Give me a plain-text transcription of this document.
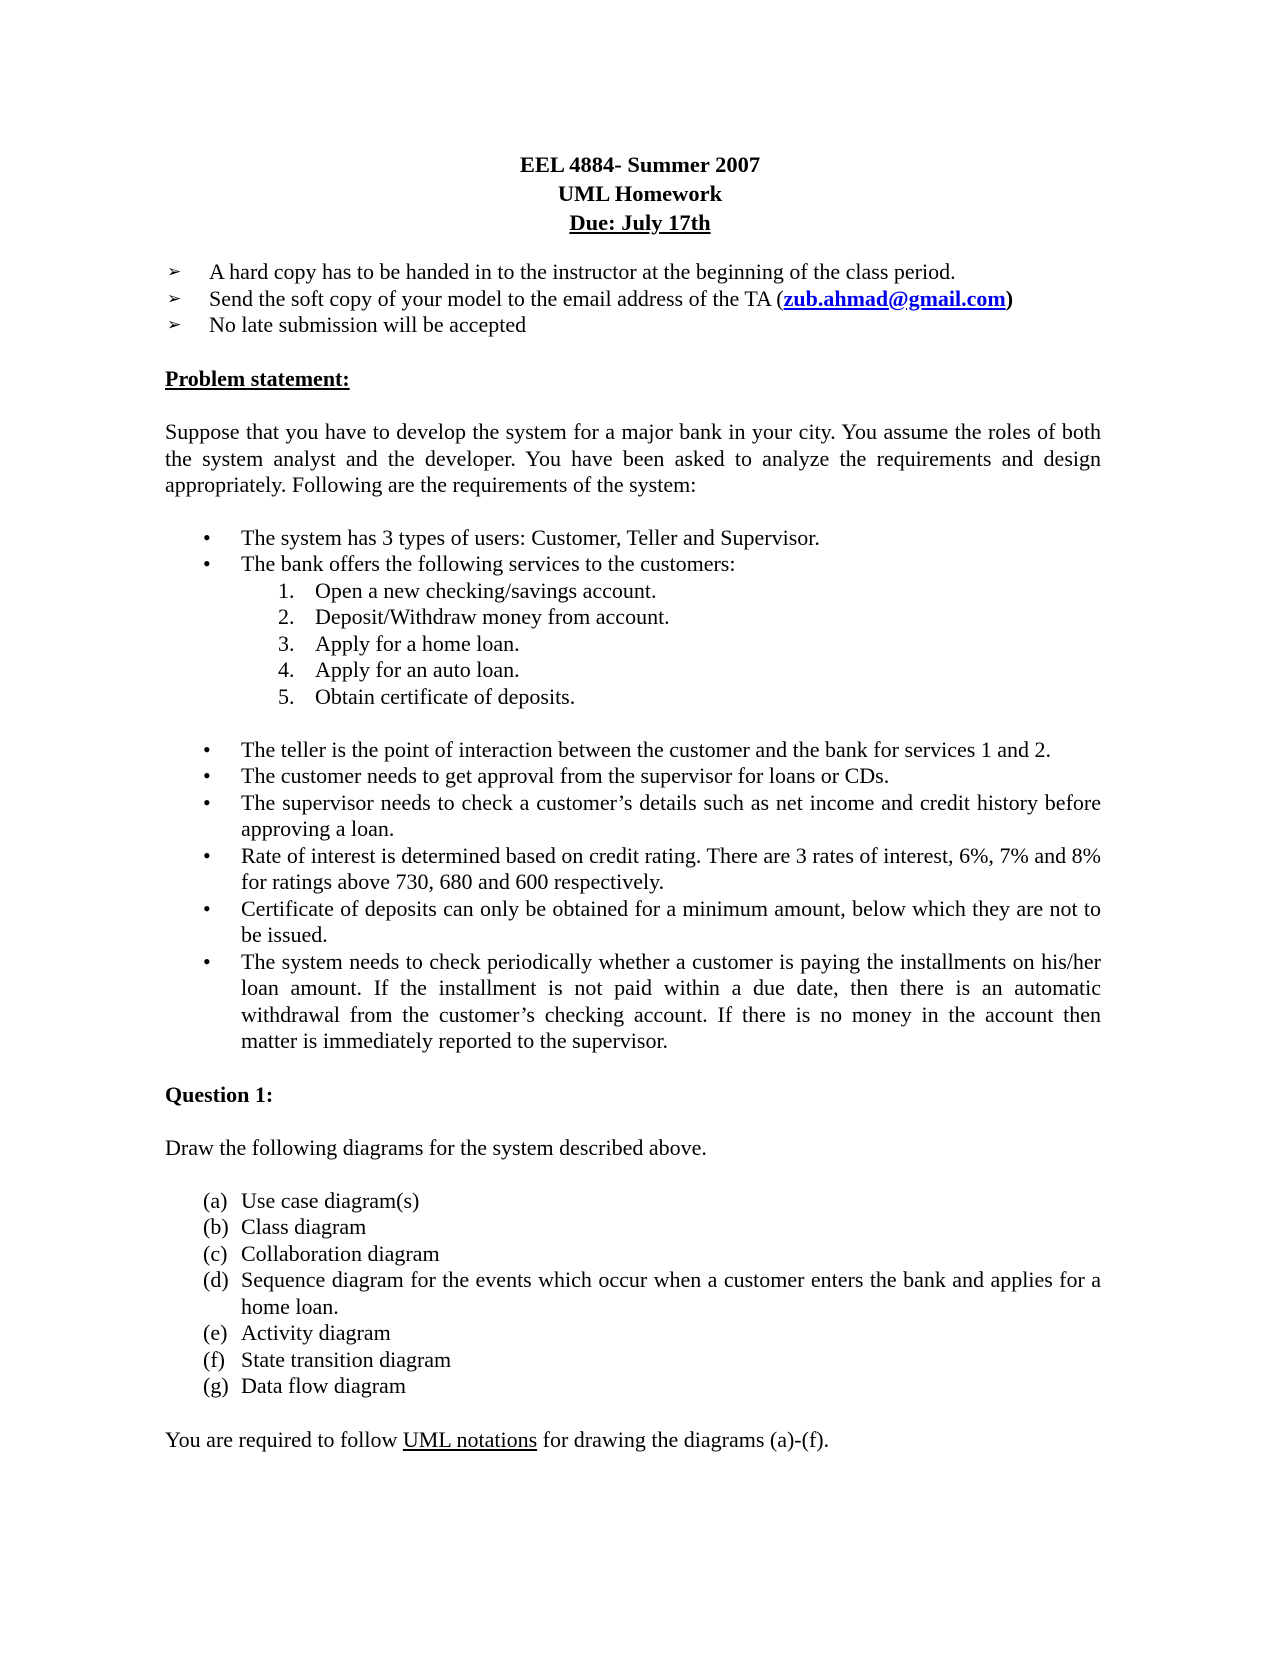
EEL 4884- Summer 2007
UML Homework
Due: July 17th
➢ A hard copy has to be handed in to the instructor at the beginning of the class period.
➢ Send the soft copy of your model to the email address of the TA (zub.ahmad@gmail.com)
➢ No late submission will be accepted
Problem statement:
Suppose that you have to develop the system for a major bank in your city. You assume the roles of both the system analyst and the developer. You have been asked to analyze the requirements and design appropriately. Following are the requirements of the system:
• The system has 3 types of users: Customer, Teller and Supervisor.
• The bank offers the following services to the customers:
1. Open a new checking/savings account.
2. Deposit/Withdraw money from account.
3. Apply for a home loan.
4. Apply for an auto loan.
5. Obtain certificate of deposits.
• The teller is the point of interaction between the customer and the bank for services 1 and 2.
• The customer needs to get approval from the supervisor for loans or CDs.
• The supervisor needs to check a customer’s details such as net income and credit history before approving a loan.
• Rate of interest is determined based on credit rating. There are 3 rates of interest, 6%, 7% and 8% for ratings above 730, 680 and 600 respectively.
• Certificate of deposits can only be obtained for a minimum amount, below which they are not to be issued.
• The system needs to check periodically whether a customer is paying the installments on his/her loan amount. If the installment is not paid within a due date, then there is an automatic withdrawal from the customer’s checking account. If there is no money in the account then matter is immediately reported to the supervisor.
Question 1:
Draw the following diagrams for the system described above.
(a) Use case diagram(s)
(b) Class diagram
(c) Collaboration diagram
(d) Sequence diagram for the events which occur when a customer enters the bank and applies for a home loan.
(e) Activity diagram
(f) State transition diagram
(g) Data flow diagram
You are required to follow UML notations for drawing the diagrams (a)-(f).
